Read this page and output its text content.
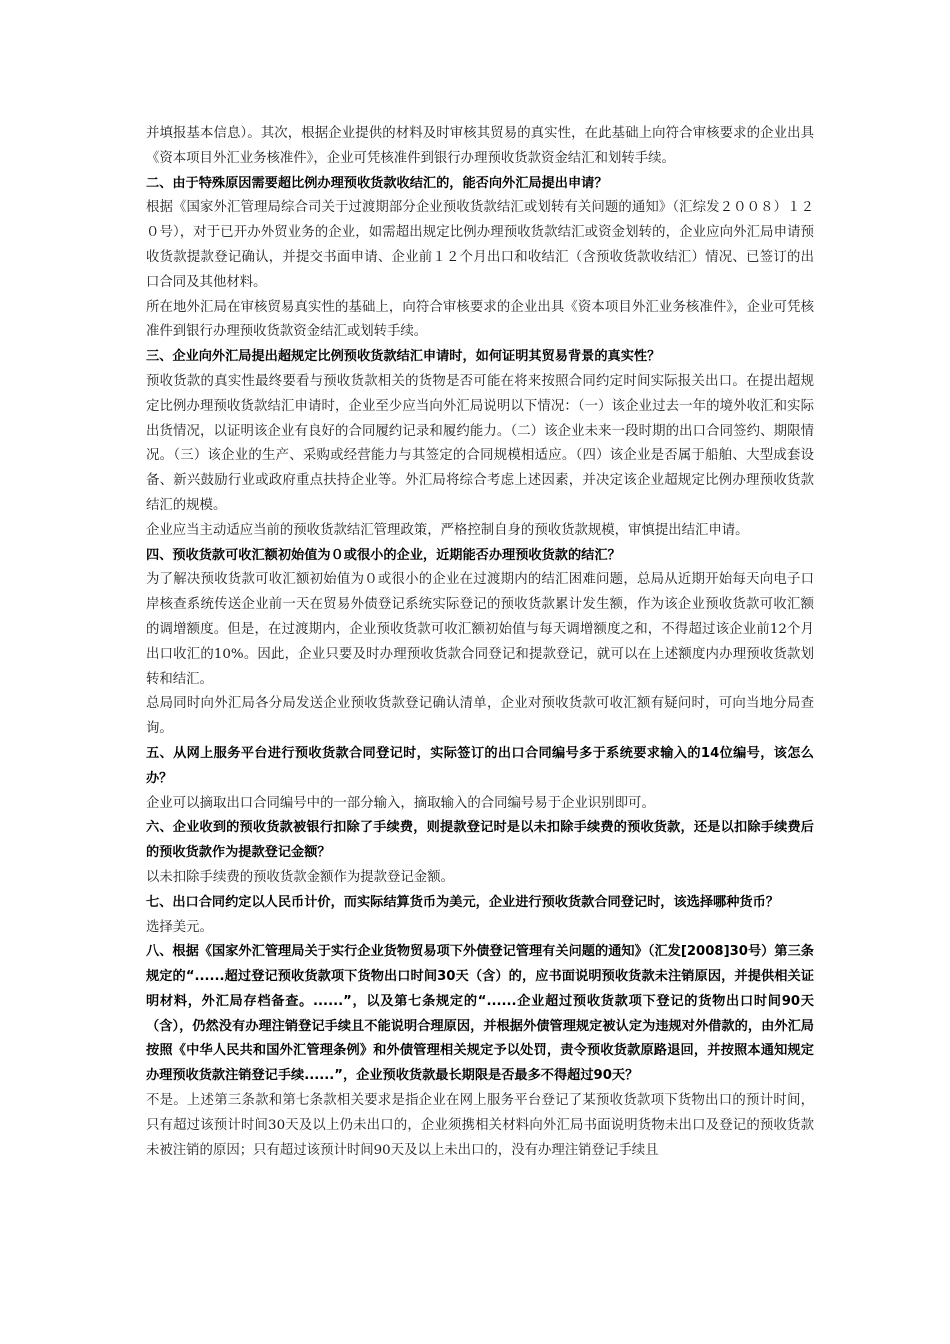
并填报基本信息）。其次，根据企业提供的材料及时审核其贸易的真实性，在此基础上向符合审核要求的企业出具《资本项目外汇业务核准件》，企业可凭核准件到银行办理预收货款资金结汇和划转手续。

二、由于特殊原因需要超比例办理预收货款收结汇的，能否向外汇局提出申请？

根据《国家外汇管理局综合司关于过渡期部分企业预收货款结汇或划转有关问题的通知》（汇综发２００８）１２０号），对于已开办外贸业务的企业，如需超出规定比例办理预收货款结汇或资金划转的，企业应向外汇局申请预收货款提款登记确认，并提交书面申请、企业前１２个月出口和收结汇（含预收货款收结汇）情况、已签订的出口合同及其他材料。

所在地外汇局在审核贸易真实性的基础上，向符合审核要求的企业出具《资本项目外汇业务核准件》，企业可凭核准件到银行办理预收货款资金结汇或划转手续。

三、企业向外汇局提出超规定比例预收货款结汇申请时，如何证明其贸易背景的真实性？

预收货款的真实性最终要看与预收货款相关的货物是否可能在将来按照合同约定时间实际报关出口。在提出超规定比例办理预收货款结汇申请时，企业至少应当向外汇局说明以下情况：（一）该企业过去一年的境外收汇和实际出货情况，以证明该企业有良好的合同履约记录和履约能力。（二）该企业未来一段时期的出口合同签约、期限情况。（三）该企业的生产、采购或经营能力与其签定的合同规模相适应。（四）该企业是否属于船舶、大型成套设备、新兴鼓励行业或政府重点扶持企业等。外汇局将综合考虑上述因素，并决定该企业超规定比例办理预收货款结汇的规模。

企业应当主动适应当前的预收货款结汇管理政策，严格控制自身的预收货款规模，审慎提出结汇申请。

四、预收货款可收汇额初始值为０或很小的企业，近期能否办理预收货款的结汇？

为了解决预收货款可收汇额初始值为０或很小的企业在过渡期内的结汇困难问题，总局从近期开始每天向电子口岸核查系统传送企业前一天在贸易外债登记系统实际登记的预收货款累计发生额，作为该企业预收货款可收汇额的调增额度。但是，在过渡期内，企业预收货款可收汇额初始值与每天调增额度之和，不得超过该企业前12个月出口收汇的10%。因此，企业只要及时办理预收货款合同登记和提款登记，就可以在上述额度内办理预收货款划转和结汇。

总局同时向外汇局各分局发送企业预收货款登记确认清单，企业对预收货款可收汇额有疑问时，可向当地分局查询。

五、从网上服务平台进行预收货款合同登记时，实际签订的出口合同编号多于系统要求输入的14位编号，该怎么办？

企业可以摘取出口合同编号中的一部分输入，摘取输入的合同编号易于企业识别即可。

六、企业收到的预收货款被银行扣除了手续费，则提款登记时是以未扣除手续费的预收货款，还是以扣除手续费后的预收货款作为提款登记金额？

以未扣除手续费的预收货款金额作为提款登记金额。

七、出口合同约定以人民币计价，而实际结算货币为美元，企业进行预收货款合同登记时，该选择哪种货币？

选择美元。

八、根据《国家外汇管理局关于实行企业货物贸易项下外债登记管理有关问题的通知》（汇发[2008]30号）第三条规定的“......超过登记预收货款项下货物出口时间30天（含）的，应书面说明预收货款未注销原因，并提供相关证明材料，外汇局存档备查。......”，以及第七条规定的“......企业超过预收货款项下登记的货物出口时间90天（含），仍然没有办理注销登记手续且不能说明合理原因，并根据外债管理规定被认定为违规对外借款的，由外汇局按照《中华人民共和国外汇管理条例》和外债管理相关规定予以处罚，责令预收货款原路退回，并按照本通知规定办理预收货款注销登记手续......”，企业预收货款最长期限是否最多不得超过90天？

不是。上述第三条款和第七条款相关要求是指企业在网上服务平台登记了某预收货款项下货物出口的预计时间，只有超过该预计时间30天及以上仍未出口的，企业须携相关材料向外汇局书面说明货物未出口及登记的预收货款未被注销的原因；只有超过该预计时间90天及以上未出口的，没有办理注销登记手续且
